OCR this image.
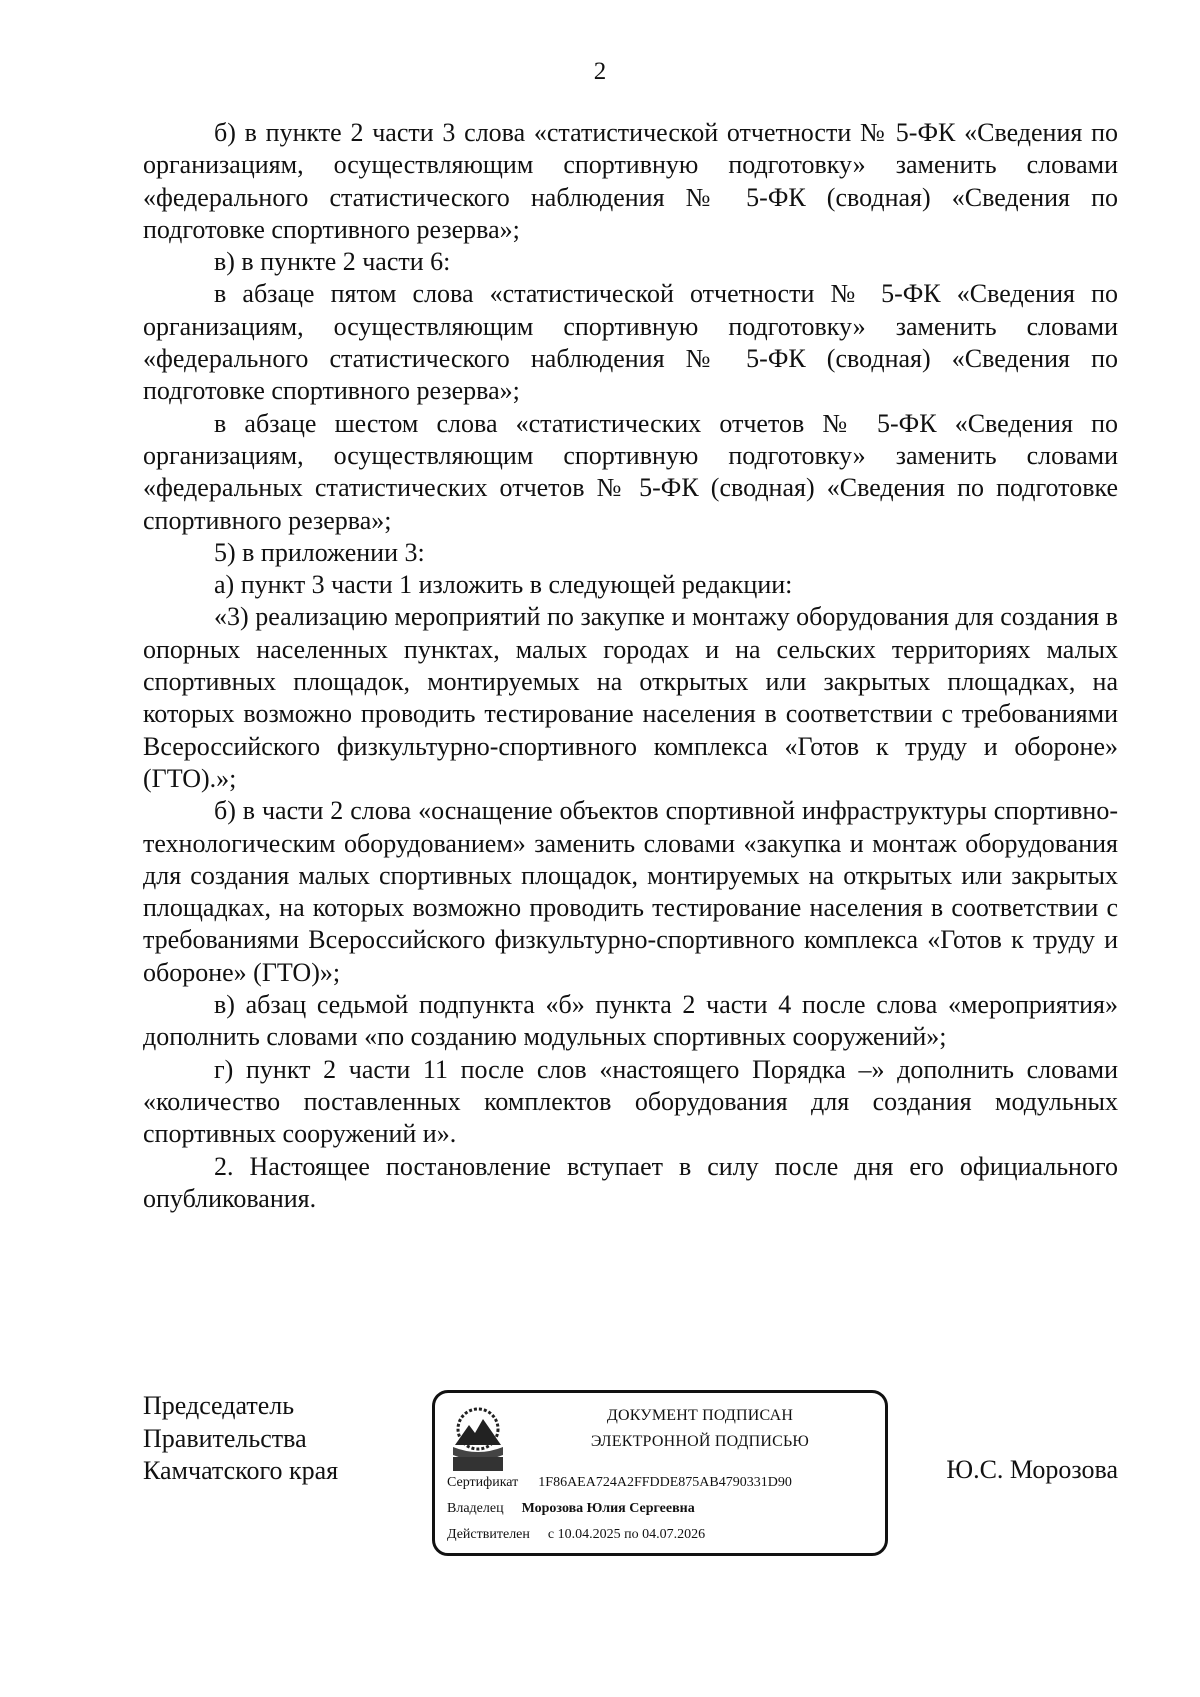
2

б) в пункте 2 части 3 слова «статистической отчетности № 5-ФК «Сведения по организациям, осуществляющим спортивную подготовку» заменить словами «федерального статистического наблюдения № 5-ФК (сводная) «Сведения по подготовке спортивного резерва»;

в) в пункте 2 части 6:

в абзаце пятом слова «статистической отчетности № 5-ФК «Сведения по организациям, осуществляющим спортивную подготовку» заменить словами «федерального статистического наблюдения № 5-ФК (сводная) «Сведения по подготовке спортивного резерва»;

в абзаце шестом слова «статистических отчетов № 5-ФК «Сведения по организациям, осуществляющим спортивную подготовку» заменить словами «федеральных статистических отчетов № 5-ФК (сводная) «Сведения по подготовке спортивного резерва»;

5) в приложении 3:

а) пункт 3 части 1 изложить в следующей редакции:

«3) реализацию мероприятий по закупке и монтажу оборудования для создания в опорных населенных пунктах, малых городах и на сельских территориях малых спортивных площадок, монтируемых на открытых или закрытых площадках, на которых возможно проводить тестирование населения в соответствии с требованиями Всероссийского физкультурно-спортивного комплекса «Готов к труду и обороне» (ГТО).»;

б) в части 2 слова «оснащение объектов спортивной инфраструктуры спортивно-технологическим оборудованием» заменить словами «закупка и монтаж оборудования для создания малых спортивных площадок, монтируемых на открытых или закрытых площадках, на которых возможно проводить тестирование населения в соответствии с требованиями Всероссийского физкультурно-спортивного комплекса «Готов к труду и обороне» (ГТО)»;

в) абзац седьмой подпункта «б» пункта 2 части 4 после слова «мероприятия» дополнить словами «по созданию модульных спортивных сооружений»;

г) пункт 2 части 11 после слов «настоящего Порядка –» дополнить словами «количество поставленных комплектов оборудования для создания модульных спортивных сооружений и».

2. Настоящее постановление вступает в силу после дня его официального опубликования.

Председатель
Правительства
Камчатского края
ДОКУМЕНТ ПОДПИСАН
ЭЛЕКТРОННОЙ ПОДПИСЬЮ
Сертификат 1F86AEA724A2FFDDE875AB4790331D90
Владелец Морозова Юлия Сергеевна
Действителен с 10.04.2025 по 04.07.2026
Ю.С. Морозова
